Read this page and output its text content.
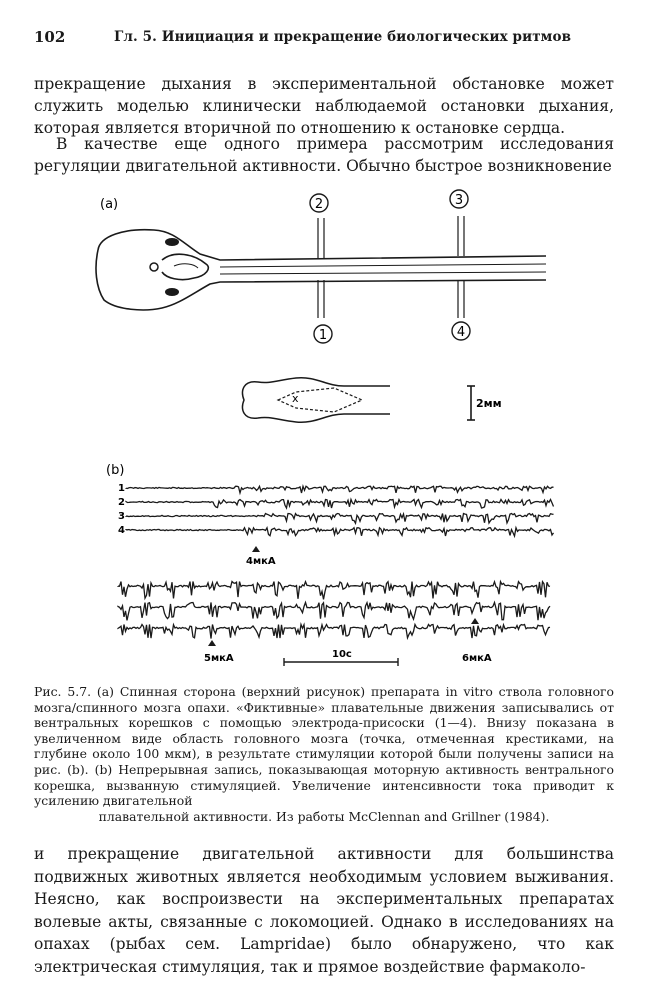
102	Гл. 5. Инициация и прекращение биологических ритмов
прекращение дыхания в экспериментальной обстановке может служить моделью клинически наблюдаемой остановки дыхания, которая является вторичной по отношению к остановке сердца.
В качестве еще одного примера рассмотрим исследования регуляции двигательной активности. Обычно быстрое возникновение
(a)	2	3
1	4
x	2мм
(b)
1
2
3
4
4мкА
5мкА	6мкА
10с
Рис. 5.7. (a) Спинная сторона (верхний рисунок) препарата in vitro ствола головного мозга/спинного мозга опахи. «Фиктивные» плавательные движения записывались от вентральных корешков с помощью электрода-присоски (1—4). Внизу показана в увеличенном виде область головного мозга (точка, отмеченная крестиками, на глубине около 100 мкм), в результате стимуляции которой были получены записи на рис. (b). (b) Непрерывная запись, показывающая моторную активность вентрального корешка, вызванную стимуляцией. Увеличение интенсивности тока приводит к усилению двигательной
плавательной активности. Из работы McClennan and Grillner (1984).
и прекращение двигательной активности для большинства подвижных животных является необходимым условием выживания. Неясно, как воспроизвести на экспериментальных препаратах волевые акты, связанные с локомоцией. Однако в исследованиях на опахах (рыбах сем. Lampridae) было обнаружено, что как электрическая стимуляция, так и прямое воздействие фармаколо-
